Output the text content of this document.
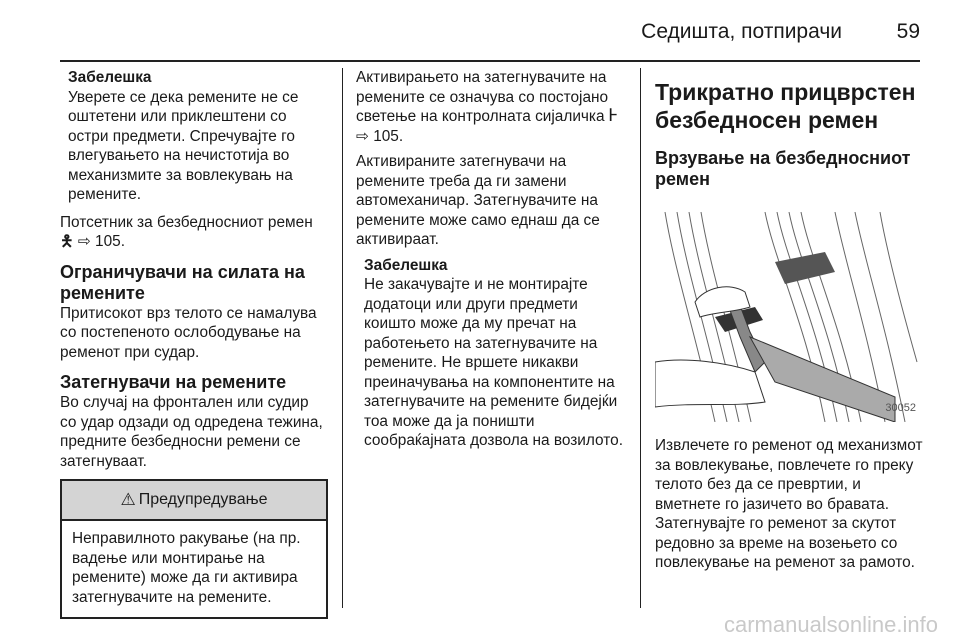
Седишта, потпирачи	59
Забелешка

Уверете се дека ремените не се оштетени или приклештени со остри предмети. Спречувајте го влегувањето на нечистотија во механизмите за вовлекувањ на ремените.

Потсетник за безбедносниот ремен 🯅 ⇨ 105.

Ограничувачи на силата на ремените

Притисокот врз телото се намалува со постепеното ослободување на ременот при судар.

Затегнувачи на ремените

Во случај на фронтален или судир со удар одзади од одредена тежина, предните безбедносни ремени се затегнуваат.

⚠ Предупредување

Неправилното ракување (на пр. вадење или монтирање на ремените) може да ги активира затегнувачите на ремените.

Активирањето на затегнувачите на ремените се означува со постојано светење на контролната сијаличка 𐘀 ⇨ 105.

Активираните затегнувачи на ремените треба да ги замени автомеханичар. Затегнувачите на ремените може само еднаш да се активираат.

Забелешка

Не закачувајте и не монтирајте додатоци или други предмети коишто може да му пречат на работењето на затегнувачите на ремените. Не вршете никакви преиначувања на компонентите на затегнувачите на ремените бидејќи тоа може да ја поништи сообраќајната дозвола на возилото.

Трикратно прицврстен безбедносен ремен
Врзување на безбедносниот ремен
30052

Извлечете го ременот од механизмот за вовлекување, повлечете го преку телото без да се превртии, и вметнете го јазичето во бравата. Затегнувајте го ременот за скутот редовно за време на возењето со повлекување на ременот за рамото.

carmanualsonline.info
